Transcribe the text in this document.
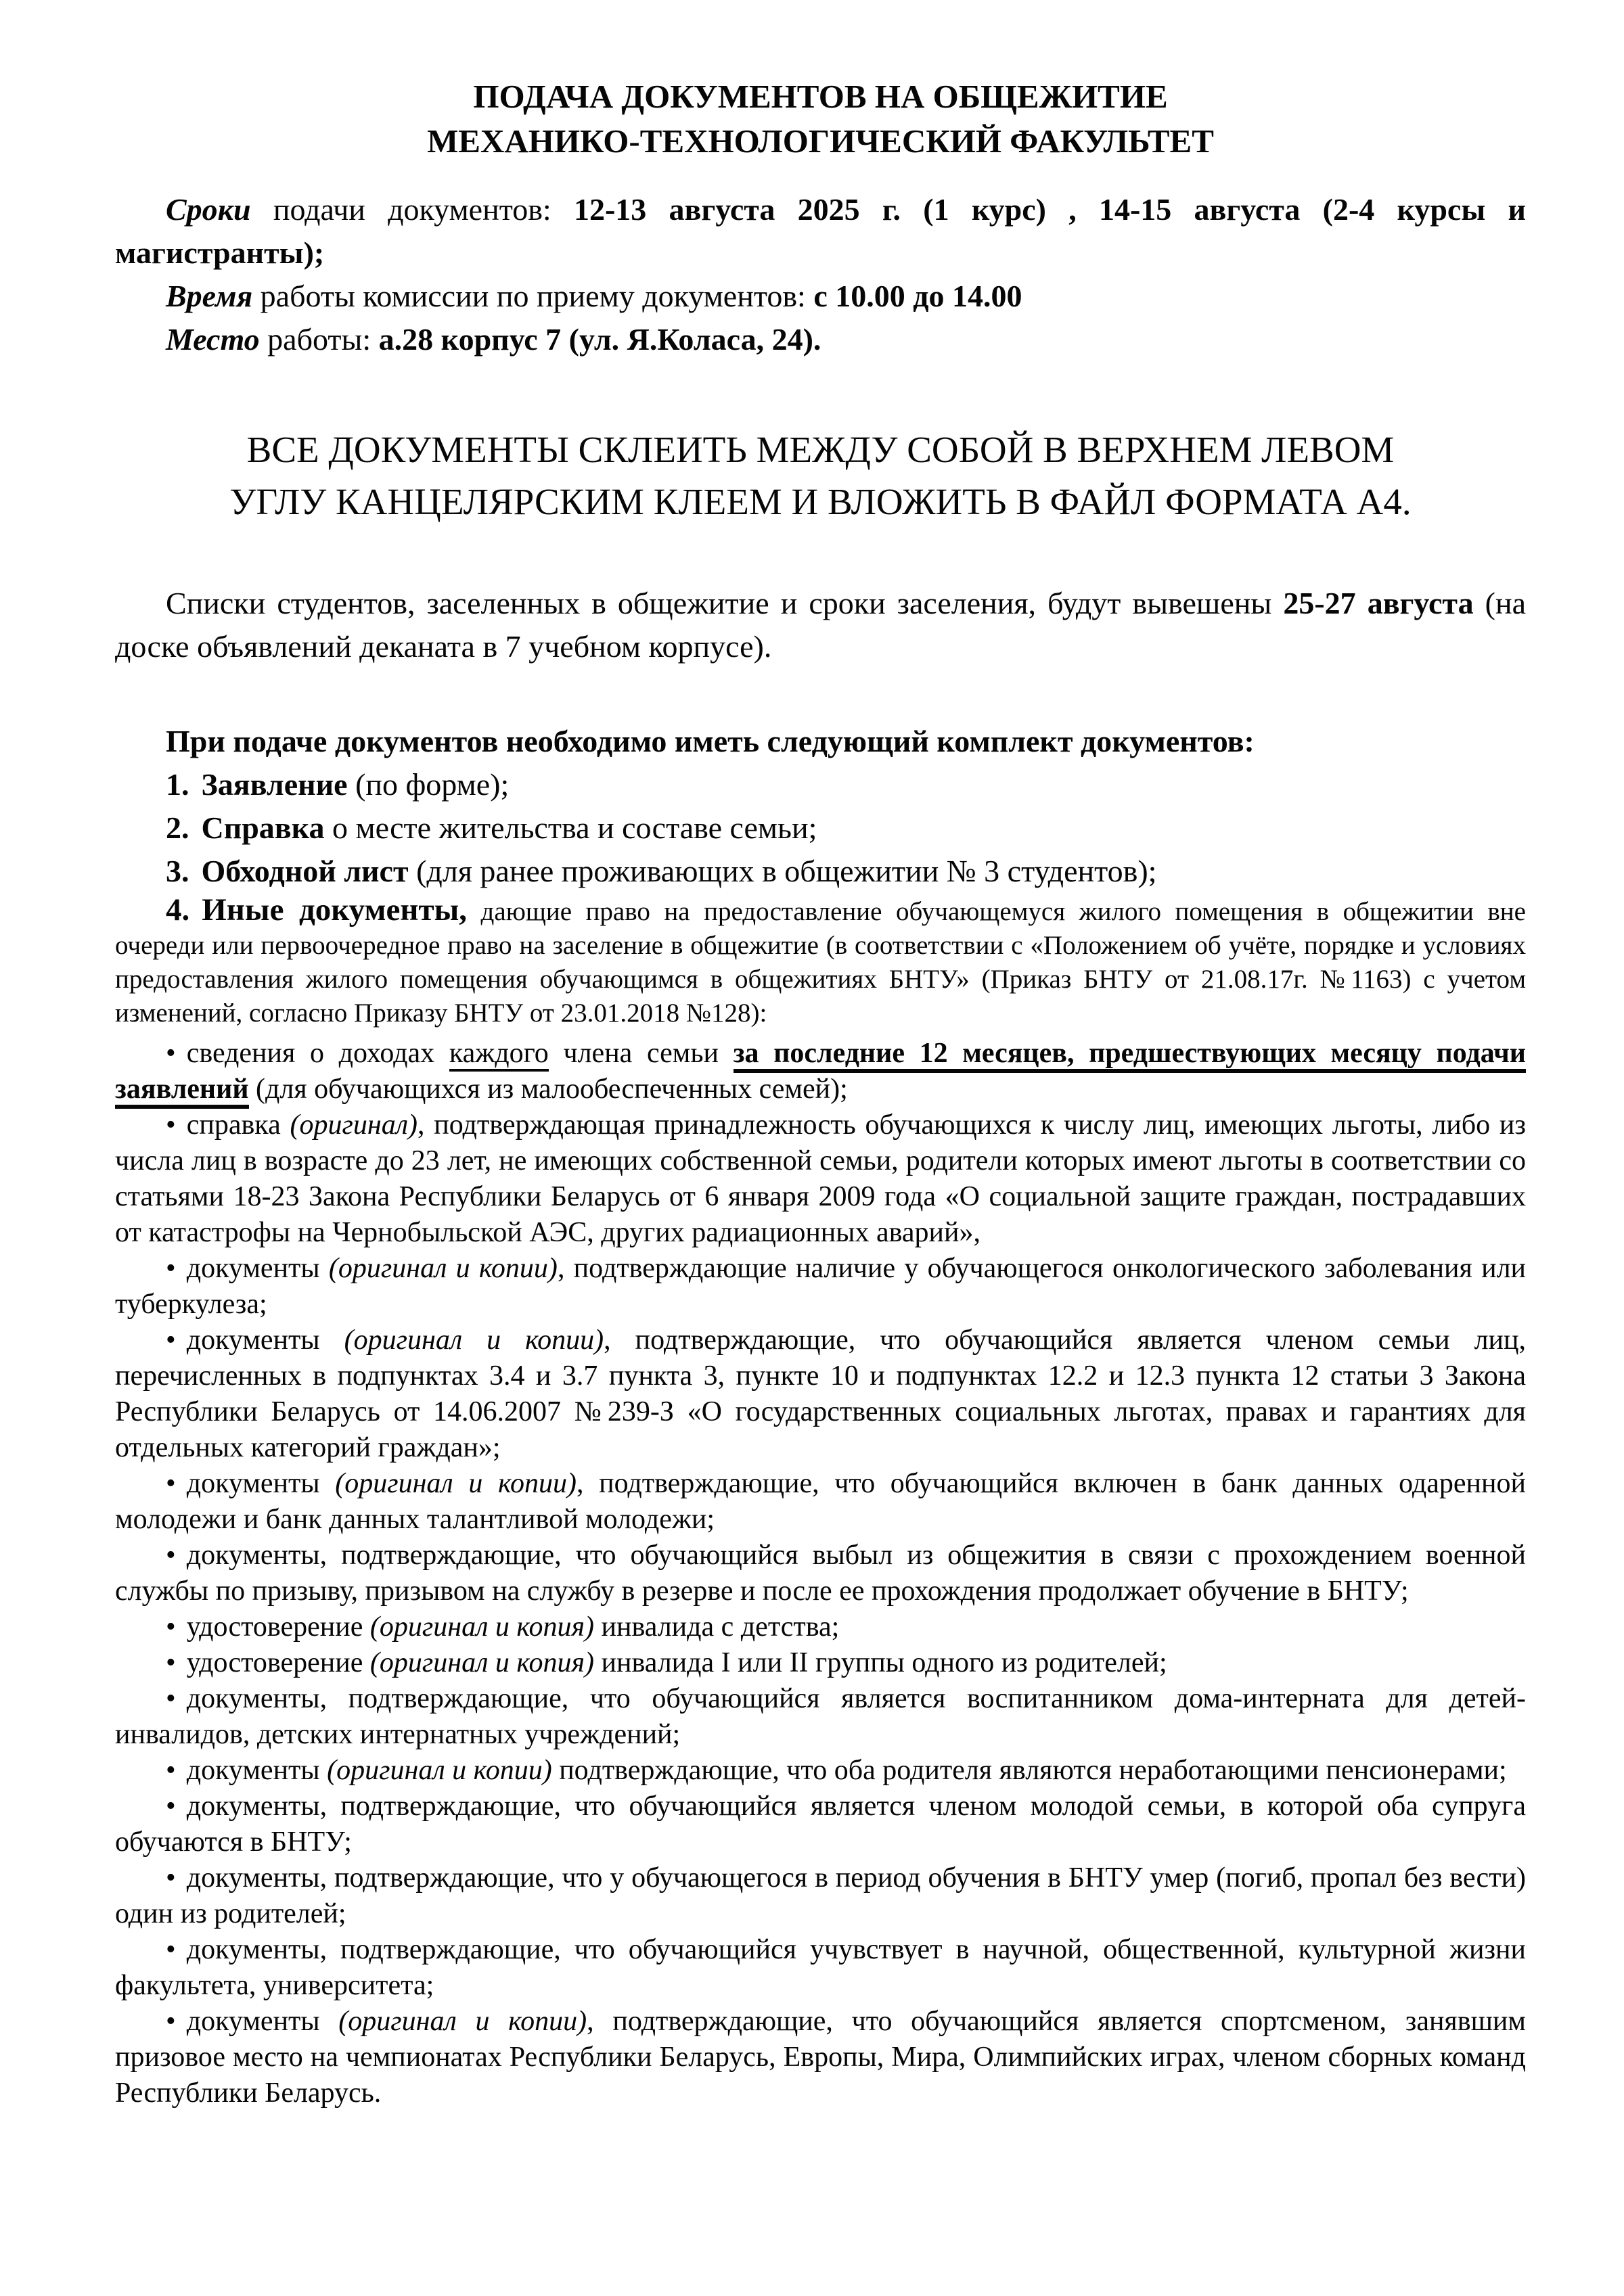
ПОДАЧА ДОКУМЕНТОВ НА ОБЩЕЖИТИЕ

МЕХАНИКО-ТЕХНОЛОГИЧЕСКИЙ ФАКУЛЬТЕТ

Сроки подачи документов: 12-13 августа 2025 г. (1 курс) , 14-15 августа (2-4 курсы и магистранты);

Время работы комиссии по приему документов: с 10.00 до 14.00

Место работы: а.28 корпус 7 (ул. Я.Коласа, 24).

ВСЕ ДОКУМЕНТЫ СКЛЕИТЬ МЕЖДУ СОБОЙ В ВЕРХНЕМ ЛЕВОМ УГЛУ КАНЦЕЛЯРСКИМ КЛЕЕМ И ВЛОЖИТЬ В ФАЙЛ ФОРМАТА А4.

Списки студентов, заселенных в общежитие и сроки заселения, будут вывешены 25-27 августа (на доске объявлений деканата в 7 учебном корпусе).

При подаче документов необходимо иметь следующий комплект документов:

1. Заявление (по форме);

2. Справка о месте жительства и составе семьи;

3. Обходной лист (для ранее проживающих в общежитии № 3 студентов);

4. Иные документы, дающие право на предоставление обучающемуся жилого помещения в общежитии вне очереди или первоочередное право на заселение в общежитие (в соответствии с «Положением об учёте, порядке и условиях предоставления жилого помещения обучающимся в общежитиях БНТУ» (Приказ БНТУ от 21.08.17г. №1163) с учетом изменений, согласно Приказу БНТУ от 23.01.2018 №128):

• сведения о доходах каждого члена семьи за последние 12 месяцев, предшествующих месяцу подачи заявлений (для обучающихся из малообеспеченных семей);

• справка (оригинал), подтверждающая принадлежность обучающихся к числу лиц, имеющих льготы, либо из числа лиц в возрасте до 23 лет, не имеющих собственной семьи, родители которых имеют льготы в соответствии со статьями 18-23 Закона Республики Беларусь от 6 января 2009 года «О социальной защите граждан, пострадавших от катастрофы на Чернобыльской АЭС, других радиационных аварий»,

• документы (оригинал и копии), подтверждающие наличие у обучающегося онкологического заболевания или туберкулеза;

• документы (оригинал и копии), подтверждающие, что обучающийся является членом семьи лиц, перечисленных в подпунктах 3.4 и 3.7 пункта 3, пункте 10 и подпунктах 12.2 и 12.3 пункта 12 статьи 3 Закона Республики Беларусь от 14.06.2007 №239-З «О государственных социальных льготах, правах и гарантиях для отдельных категорий граждан»;

• документы (оригинал и копии), подтверждающие, что обучающийся включен в банк данных одаренной молодежи и банк данных талантливой молодежи;

• документы, подтверждающие, что обучающийся выбыл из общежития в связи с прохождением военной службы по призыву, призывом на службу в резерве и после ее прохождения продолжает обучение в БНТУ;

• удостоверение (оригинал и копия) инвалида с детства;

• удостоверение (оригинал и копия) инвалида I или II группы одного из родителей;

• документы, подтверждающие, что обучающийся является воспитанником дома-интерната для детей-инвалидов, детских интернатных учреждений;

• документы (оригинал и копии) подтверждающие, что оба родителя являются неработающими пенсионерами;

• документы, подтверждающие, что обучающийся является членом молодой семьи, в которой оба супруга обучаются в БНТУ;

• документы, подтверждающие, что у обучающегося в период обучения в БНТУ умер (погиб, пропал без вести) один из родителей;

• документы, подтверждающие, что обучающийся учувствует в научной, общественной, культурной жизни факультета, университета;

• документы (оригинал и копии), подтверждающие, что обучающийся является спортсменом, занявшим призовое место на чемпионатах Республики Беларусь, Европы, Мира, Олимпийских играх, членом сборных команд Республики Беларусь.
